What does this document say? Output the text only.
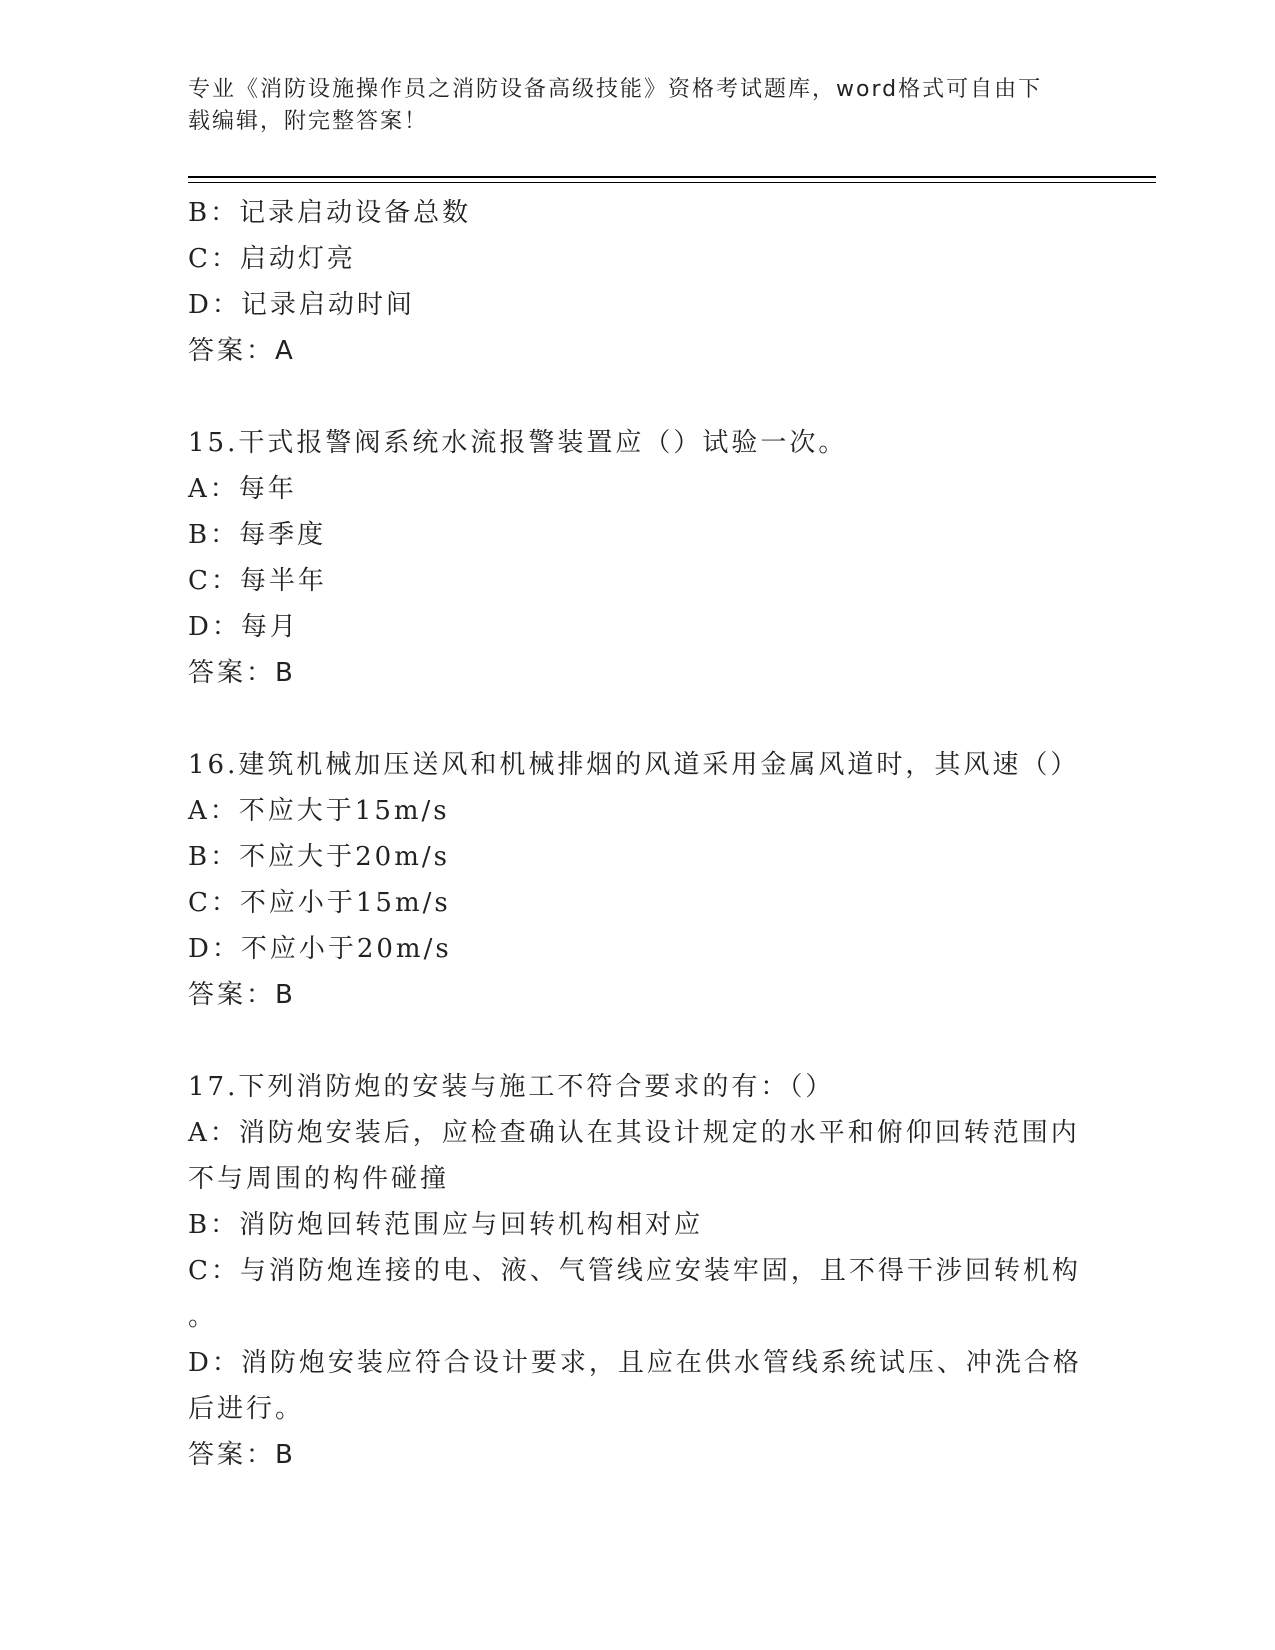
专业《消防设施操作员之消防设备高级技能》资格考试题库，word格式可自由下
载编辑，附完整答案！
B：记录启动设备总数
C：启动灯亮
D：记录启动时间
答案：A
15.干式报警阀系统水流报警装置应（）试验一次。
A：每年
B：每季度
C：每半年
D：每月
答案：B
16.建筑机械加压送风和机械排烟的风道采用金属风道时，其风速（）
A：不应大于15m/s
B：不应大于20m/s
C：不应小于15m/s
D：不应小于20m/s
答案：B
17.下列消防炮的安装与施工不符合要求的有：（）
A：消防炮安装后，应检查确认在其设计规定的水平和俯仰回转范围内
不与周围的构件碰撞
B：消防炮回转范围应与回转机构相对应
C：与消防炮连接的电、液、气管线应安装牢固，且不得干涉回转机构
。
D：消防炮安装应符合设计要求，且应在供水管线系统试压、冲洗合格
后进行。
答案：B
